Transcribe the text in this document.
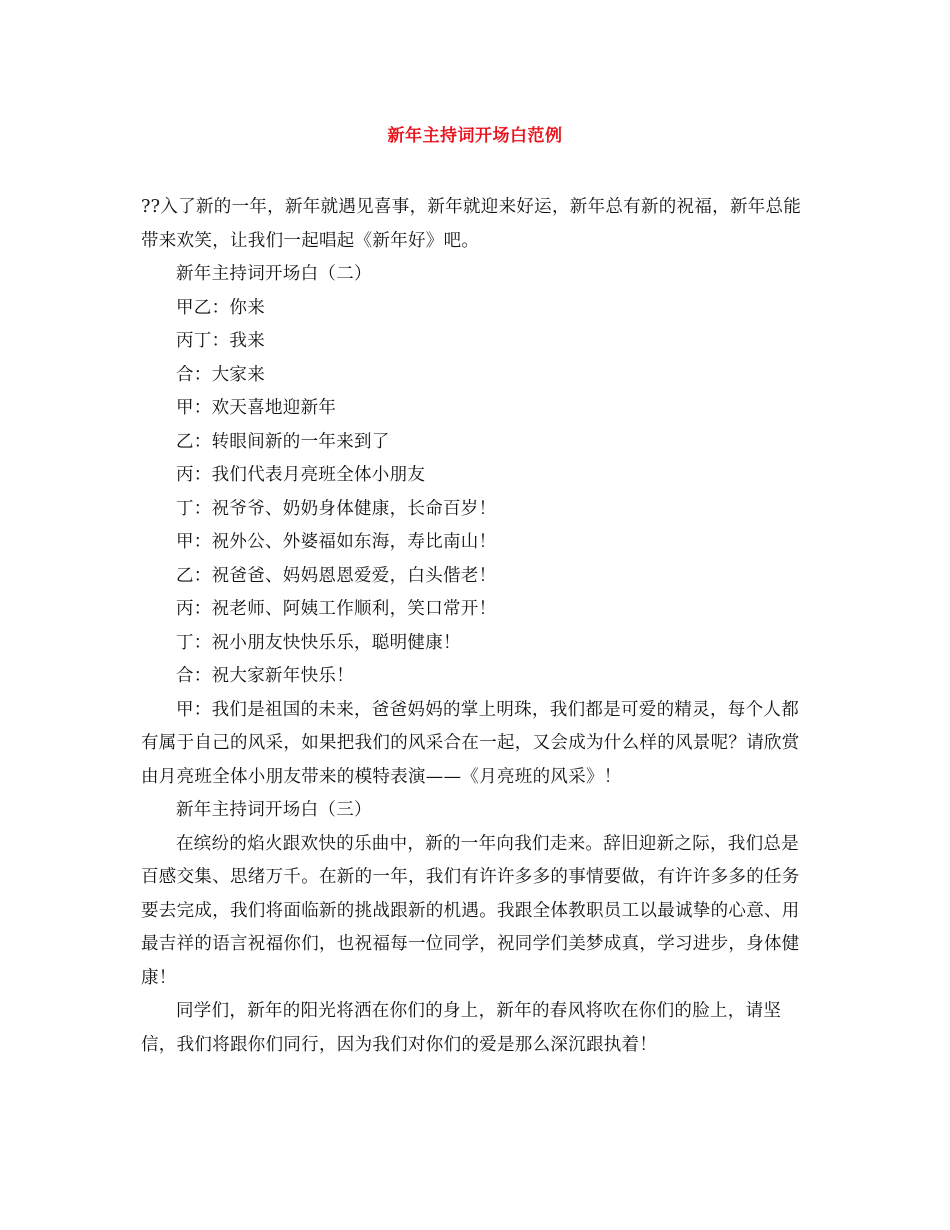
新年主持词开场白范例

??入了新的一年，新年就遇见喜事，新年就迎来好运，新年总有新的祝福，新年总能带来欢笑，让我们一起唱起《新年好》吧。

新年主持词开场白（二）

甲乙：你来

丙丁：我来

合：大家来

甲：欢天喜地迎新年

乙：转眼间新的一年来到了

丙：我们代表月亮班全体小朋友

丁：祝爷爷、奶奶身体健康，长命百岁！

甲：祝外公、外婆福如东海，寿比南山！

乙：祝爸爸、妈妈恩恩爱爱，白头偕老！

丙：祝老师、阿姨工作顺利，笑口常开！

丁：祝小朋友快快乐乐，聪明健康！

合：祝大家新年快乐！

甲：我们是祖国的未来，爸爸妈妈的掌上明珠，我们都是可爱的精灵，每个人都有属于自己的风采，如果把我们的风采合在一起，又会成为什么样的风景呢？请欣赏由月亮班全体小朋友带来的模特表演——《月亮班的风采》！

新年主持词开场白（三）

在缤纷的焰火跟欢快的乐曲中，新的一年向我们走来。辞旧迎新之际，我们总是百感交集、思绪万千。在新的一年，我们有许许多多的事情要做，有许许多多的任务要去完成，我们将面临新的挑战跟新的机遇。我跟全体教职员工以最诚挚的心意、用最吉祥的语言祝福你们，也祝福每一位同学，祝同学们美梦成真，学习进步，身体健康！

同学们，新年的阳光将洒在你们的身上，新年的春风将吹在你们的脸上，请坚信，我们将跟你们同行，因为我们对你们的爱是那么深沉跟执着！
